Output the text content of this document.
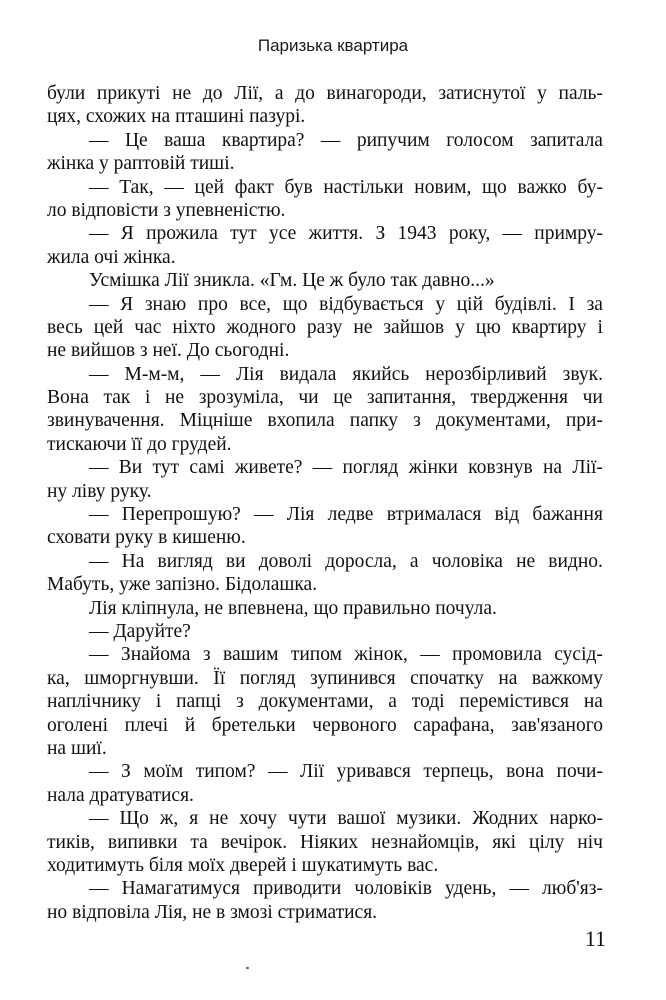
Паризька квартира
були прикуті не до Лії, а до винагороди, затиснутої у паль-
цях, схожих на пташині пазурі.
— Це ваша квартира? — рипучим голосом запитала
жінка у раптовій тиші.
— Так, — цей факт був настільки новим, що важко бу-
ло відповісти з упевненістю.
— Я прожила тут усе життя. З 1943 року, — примру-
жила очі жінка.
Усмішка Лії зникла. «Гм. Це ж було так давно...»
— Я знаю про все, що відбувається у цій будівлі. І за
весь цей час ніхто жодного разу не зайшов у цю квартиру і
не вийшов з неї. До сьогодні.
— М-м-м, — Лія видала якийсь нерозбірливий звук.
Вона так і не зрозуміла, чи це запитання, твердження чи
звинувачення. Міцніше вхопила папку з документами, при-
тискаючи її до грудей.
— Ви тут самі живете? — погляд жінки ковзнув на Лії-
ну ліву руку.
— Перепрошую? — Лія ледве втрималася від бажання
сховати руку в кишеню.
— На вигляд ви доволі доросла, а чоловіка не видно.
Мабуть, уже запізно. Бідолашка.
Лія кліпнула, не впевнена, що правильно почула.
— Даруйте?
— Знайома з вашим типом жінок, — промовила сусід-
ка, шморгнувши. Її погляд зупинився спочатку на важкому
наплічнику і папці з документами, а тоді перемістився на
оголені плечі й бретельки червоного сарафана, зав'язаного
на шиї.
— З моїм типом? — Лії уривався терпець, вона почи-
нала дратуватися.
— Що ж, я не хочу чути вашої музики. Жодних нарко-
тиків, випивки та вечірок. Ніяких незнайомців, які цілу ніч
ходитимуть біля моїх дверей і шукатимуть вас.
— Намагатимуся приводити чоловіків удень, — люб'яз-
но відповіла Лія, не в змозі стриматися.
11
